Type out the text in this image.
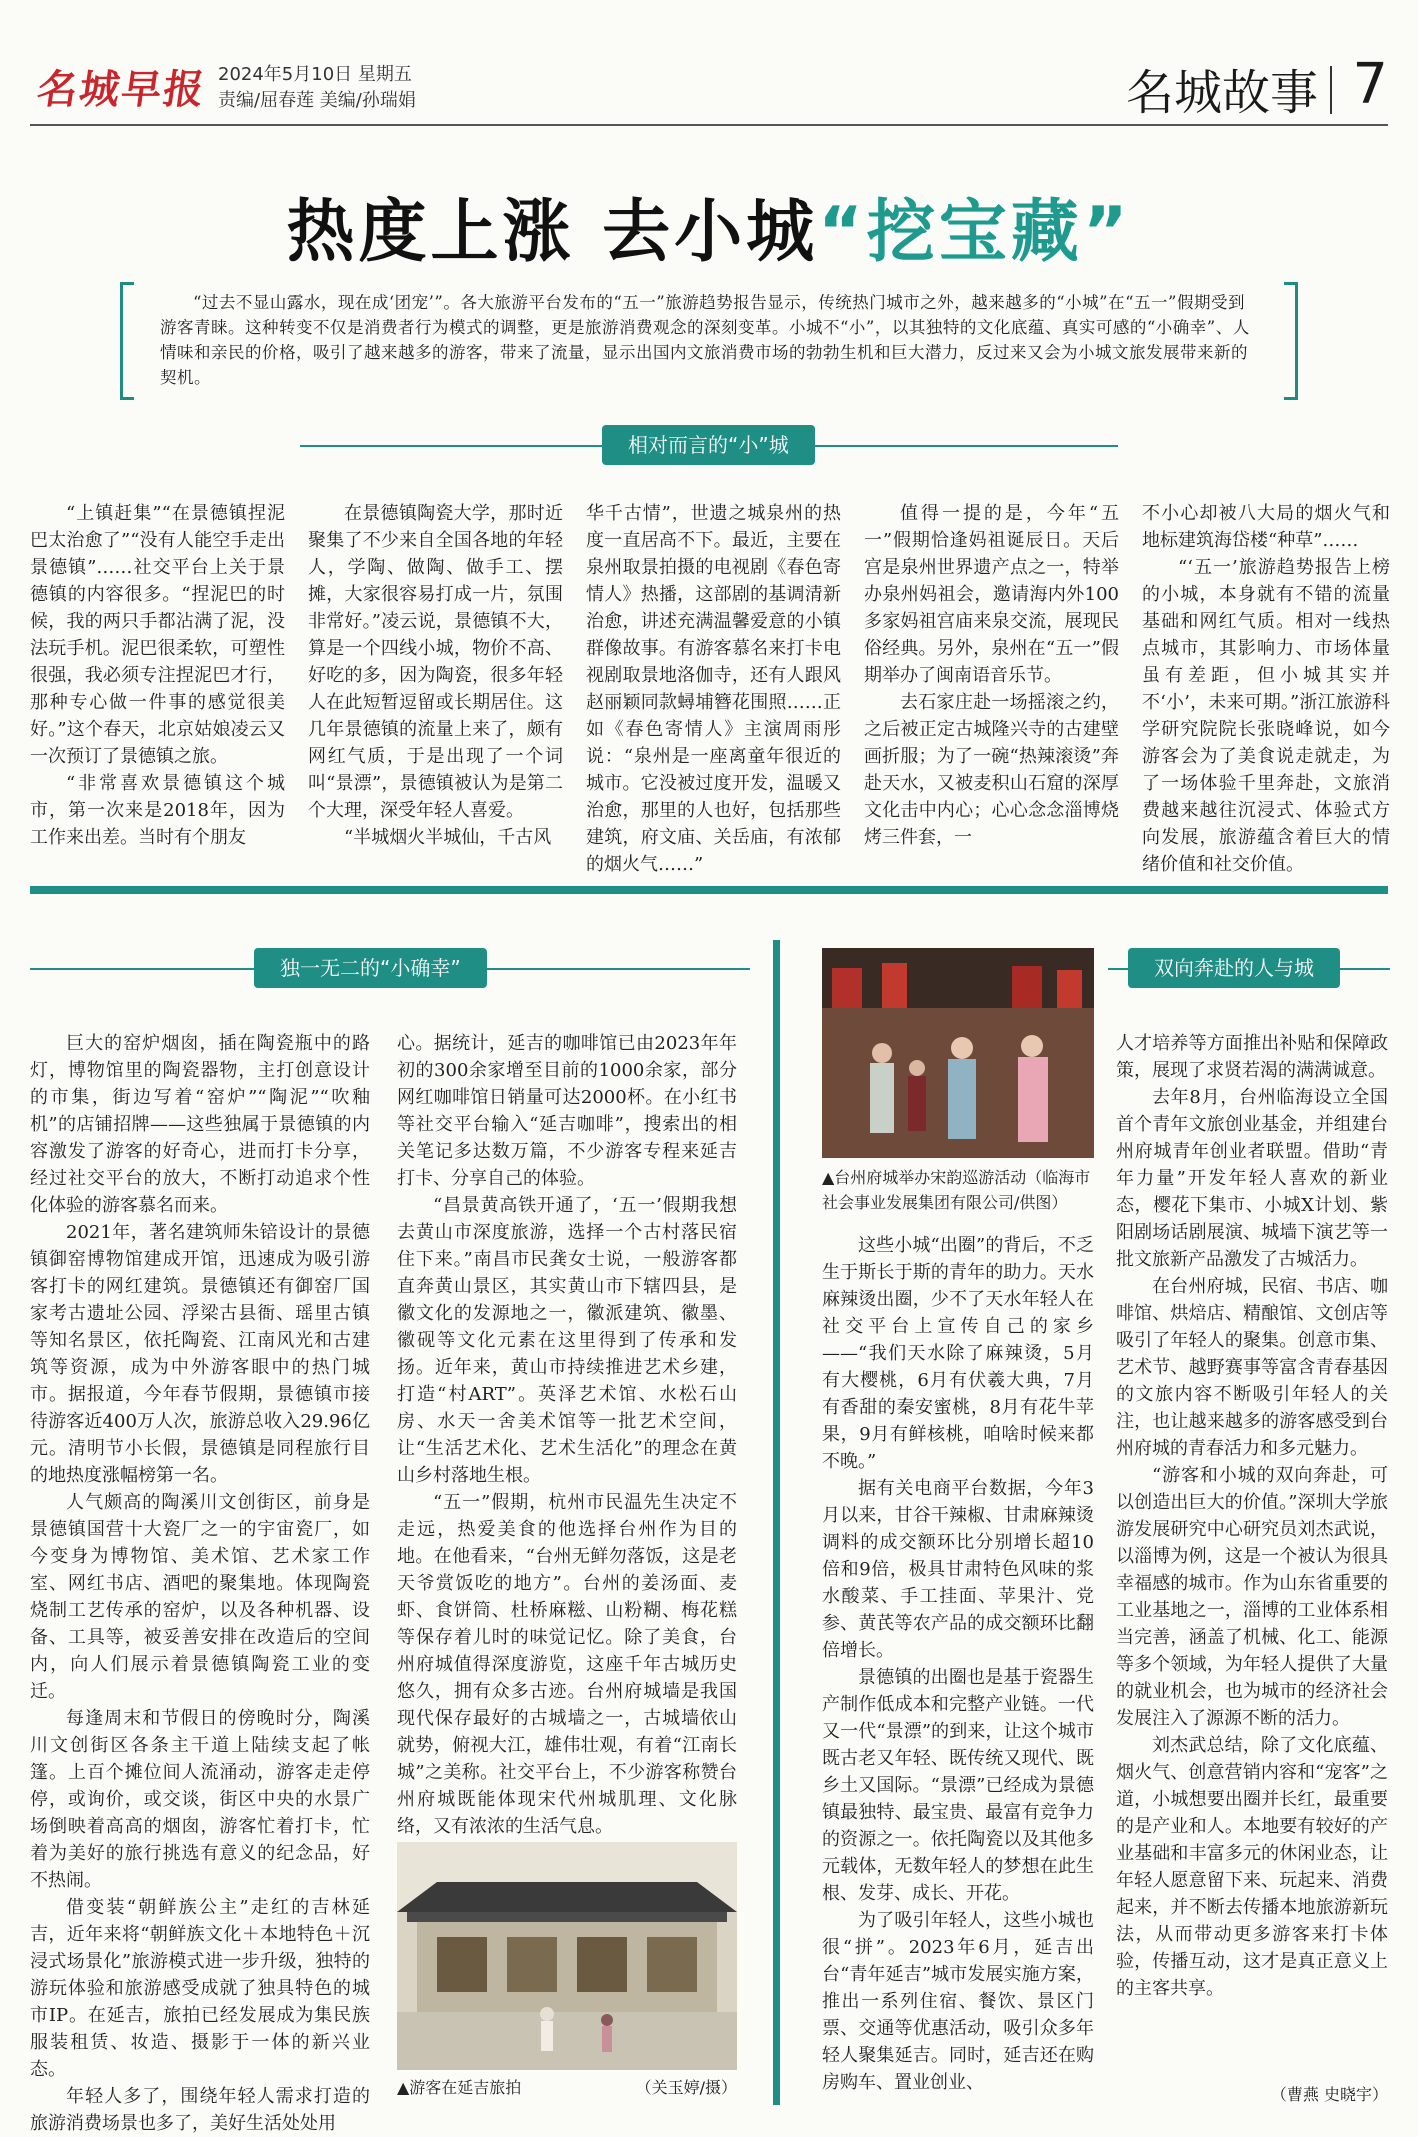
名城早报 2024年5月10日 星期五
责编/屈春莲 美编/孙瑞娟	名城故事 7
热度上涨 去小城“挖宝藏”

“过去不显山露水，现在成‘团宠’”。各大旅游平台发布的“五一”旅游趋势报告显示，传统热门城市之外，越来越多的“小城”在“五一”假期受到游客青睐。这种转变不仅是消费者行为模式的调整，更是旅游消费观念的深刻变革。小城不“小”，以其独特的文化底蕴、真实可感的“小确幸”、人情味和亲民的价格，吸引了越来越多的游客，带来了流量，显示出国内文旅消费市场的勃勃生机和巨大潜力，反过来又会为小城文旅发展带来新的契机。

相对而言的“小”城

“上镇赶集”“在景德镇捏泥巴太治愈了”“没有人能空手走出景德镇”……社交平台上关于景德镇的内容很多。“捏泥巴的时候，我的两只手都沾满了泥，没法玩手机。泥巴很柔软，可塑性很强，我必须专注捏泥巴才行，那种专心做一件事的感觉很美好。”这个春天，北京姑娘凌云又一次预订了景德镇之旅。

“非常喜欢景德镇这个城市，第一次来是2018年，因为工作来出差。当时有个朋友

在景德镇陶瓷大学，那时近聚集了不少来自全国各地的年轻人，学陶、做陶、做手工、摆摊，大家很容易打成一片，氛围非常好。”凌云说，景德镇不大，算是一个四线小城，物价不高、好吃的多，因为陶瓷，很多年轻人在此短暂逗留或长期居住。这几年景德镇的流量上来了，颇有网红气质，于是出现了一个词叫“景漂”，景德镇被认为是第二个大理，深受年轻人喜爱。

“半城烟火半城仙，千古风

华千古情”，世遗之城泉州的热度一直居高不下。最近，主要在泉州取景拍摄的电视剧《春色寄情人》热播，这部剧的基调清新治愈，讲述充满温馨爱意的小镇群像故事。有游客慕名来打卡电视剧取景地洛伽寺，还有人跟风赵丽颖同款蟳埔簪花围照……正如《春色寄情人》主演周雨彤说：“泉州是一座离童年很近的城市。它没被过度开发，温暖又治愈，那里的人也好，包括那些建筑，府文庙、关岳庙，有浓郁的烟火气……”

值得一提的是，今年“五一”假期恰逢妈祖诞辰日。天后宫是泉州世界遗产点之一，特举办泉州妈祖会，邀请海内外100多家妈祖宫庙来泉交流，展现民俗经典。另外，泉州在“五一”假期举办了闽南语音乐节。

去石家庄赴一场摇滚之约，之后被正定古城隆兴寺的古建壁画折服；为了一碗“热辣滚烫”奔赴天水，又被麦积山石窟的深厚文化击中内心；心心念念淄博烧烤三件套，一

不小心却被八大局的烟火气和地标建筑海岱楼“种草”……

“‘五一’旅游趋势报告上榜的小城，本身就有不错的流量基础和网红气质。相对一线热点城市，其影响力、市场体量虽有差距，但小城其实并不‘小’，未来可期。”浙江旅游科学研究院院长张晓峰说，如今游客会为了美食说走就走，为了一场体验千里奔赴，文旅消费越来越往沉浸式、体验式方向发展，旅游蕴含着巨大的情绪价值和社交价值。

独一无二的“小确幸”

巨大的窑炉烟囱，插在陶瓷瓶中的路灯，博物馆里的陶瓷器物，主打创意设计的市集，街边写着“窑炉”“陶泥”“吹釉机”的店铺招牌——这些独属于景德镇的内容激发了游客的好奇心，进而打卡分享，经过社交平台的放大，不断打动追求个性化体验的游客慕名而来。

2021年，著名建筑师朱锫设计的景德镇御窑博物馆建成开馆，迅速成为吸引游客打卡的网红建筑。景德镇还有御窑厂国家考古遗址公园、浮梁古县衙、瑶里古镇等知名景区，依托陶瓷、江南风光和古建筑等资源，成为中外游客眼中的热门城市。据报道，今年春节假期，景德镇市接待游客近400万人次，旅游总收入29.96亿元。清明节小长假，景德镇是同程旅行目的地热度涨幅榜第一名。

人气颇高的陶溪川文创街区，前身是景德镇国营十大瓷厂之一的宇宙瓷厂，如今变身为博物馆、美术馆、艺术家工作室、网红书店、酒吧的聚集地。体现陶瓷烧制工艺传承的窑炉，以及各种机器、设备、工具等，被妥善安排在改造后的空间内，向人们展示着景德镇陶瓷工业的变迁。

每逢周末和节假日的傍晚时分，陶溪川文创街区各条主干道上陆续支起了帐篷。上百个摊位间人流涌动，游客走走停停，或询价，或交谈，街区中央的水景广场倒映着高高的烟囱，游客忙着打卡，忙着为美好的旅行挑选有意义的纪念品，好不热闹。

借变装“朝鲜族公主”走红的吉林延吉，近年来将“朝鲜族文化＋本地特色＋沉浸式场景化”旅游模式进一步升级，独特的游玩体验和旅游感受成就了独具特色的城市IP。在延吉，旅拍已经发展成为集民族服装租赁、妆造、摄影于一体的新兴业态。

年轻人多了，围绕年轻人需求打造的旅游消费场景也多了，美好生活处处用

心。据统计，延吉的咖啡馆已由2023年年初的300余家增至目前的1000余家，部分网红咖啡馆日销量可达2000杯。在小红书等社交平台输入“延吉咖啡”，搜索出的相关笔记多达数万篇，不少游客专程来延吉打卡、分享自己的体验。

“昌景黄高铁开通了，‘五一’假期我想去黄山市深度旅游，选择一个古村落民宿住下来。”南昌市民龚女士说，一般游客都直奔黄山景区，其实黄山市下辖四县，是徽文化的发源地之一，徽派建筑、徽墨、徽砚等文化元素在这里得到了传承和发扬。近年来，黄山市持续推进艺术乡建，打造“村ART”。英泽艺术馆、水松石山房、水天一舍美术馆等一批艺术空间，让“生活艺术化、艺术生活化”的理念在黄山乡村落地生根。

“五一”假期，杭州市民温先生决定不走远，热爱美食的他选择台州作为目的地。在他看来，“台州无鲜勿落饭，这是老天爷赏饭吃的地方”。台州的姜汤面、麦虾、食饼筒、杜桥麻糍、山粉糊、梅花糕等保存着儿时的味觉记忆。除了美食，台州府城值得深度游览，这座千年古城历史悠久，拥有众多古迹。台州府城墙是我国现代保存最好的古城墙之一，古城墙依山就势，俯视大江，雄伟壮观，有着“江南长城”之美称。社交平台上，不少游客称赞台州府城既能体现宋代州城肌理、文化脉络，又有浓浓的生活气息。

▲游客在延吉旅拍	（关玉婷/摄）
▲台州府城举办宋韵巡游活动（临海市社会事业发展集团有限公司/供图）

这些小城“出圈”的背后，不乏生于斯长于斯的青年的助力。天水麻辣烫出圈，少不了天水年轻人在社交平台上宣传自己的家乡——“我们天水除了麻辣烫，5月有大樱桃，6月有伏羲大典，7月有香甜的秦安蜜桃，8月有花牛苹果，9月有鲜核桃，咱啥时候来都不晚。”

据有关电商平台数据，今年3月以来，甘谷干辣椒、甘肃麻辣烫调料的成交额环比分别增长超10倍和9倍，极具甘肃特色风味的浆水酸菜、手工挂面、苹果汁、党参、黄芪等农产品的成交额环比翻倍增长。

景德镇的出圈也是基于瓷器生产制作低成本和完整产业链。一代又一代“景漂”的到来，让这个城市既古老又年轻、既传统又现代、既乡土又国际。“景漂”已经成为景德镇最独特、最宝贵、最富有竞争力的资源之一。依托陶瓷以及其他多元载体，无数年轻人的梦想在此生根、发芽、成长、开花。

为了吸引年轻人，这些小城也很“拼”。2023年6月，延吉出台“青年延吉”城市发展实施方案，推出一系列住宿、餐饮、景区门票、交通等优惠活动，吸引众多年轻人聚集延吉。同时，延吉还在购房购车、置业创业、

双向奔赴的人与城

人才培养等方面推出补贴和保障政策，展现了求贤若渴的满满诚意。

去年8月，台州临海设立全国首个青年文旅创业基金，并组建台州府城青年创业者联盟。借助“青年力量”开发年轻人喜欢的新业态，樱花下集市、小城X计划、紫阳剧场话剧展演、城墙下演艺等一批文旅新产品激发了古城活力。

在台州府城，民宿、书店、咖啡馆、烘焙店、精酿馆、文创店等吸引了年轻人的聚集。创意市集、艺术节、越野赛事等富含青春基因的文旅内容不断吸引年轻人的关注，也让越来越多的游客感受到台州府城的青春活力和多元魅力。

“游客和小城的双向奔赴，可以创造出巨大的价值。”深圳大学旅游发展研究中心研究员刘杰武说，以淄博为例，这是一个被认为很具幸福感的城市。作为山东省重要的工业基地之一，淄博的工业体系相当完善，涵盖了机械、化工、能源等多个领域，为年轻人提供了大量的就业机会，也为城市的经济社会发展注入了源源不断的活力。

刘杰武总结，除了文化底蕴、烟火气、创意营销内容和“宠客”之道，小城想要出圈并长红，最重要的是产业和人。本地要有较好的产业基础和丰富多元的休闲业态，让年轻人愿意留下来、玩起来、消费起来，并不断去传播本地旅游新玩法，从而带动更多游客来打卡体验，传播互动，这才是真正意义上的主客共享。

（曹燕 史晓宇）
